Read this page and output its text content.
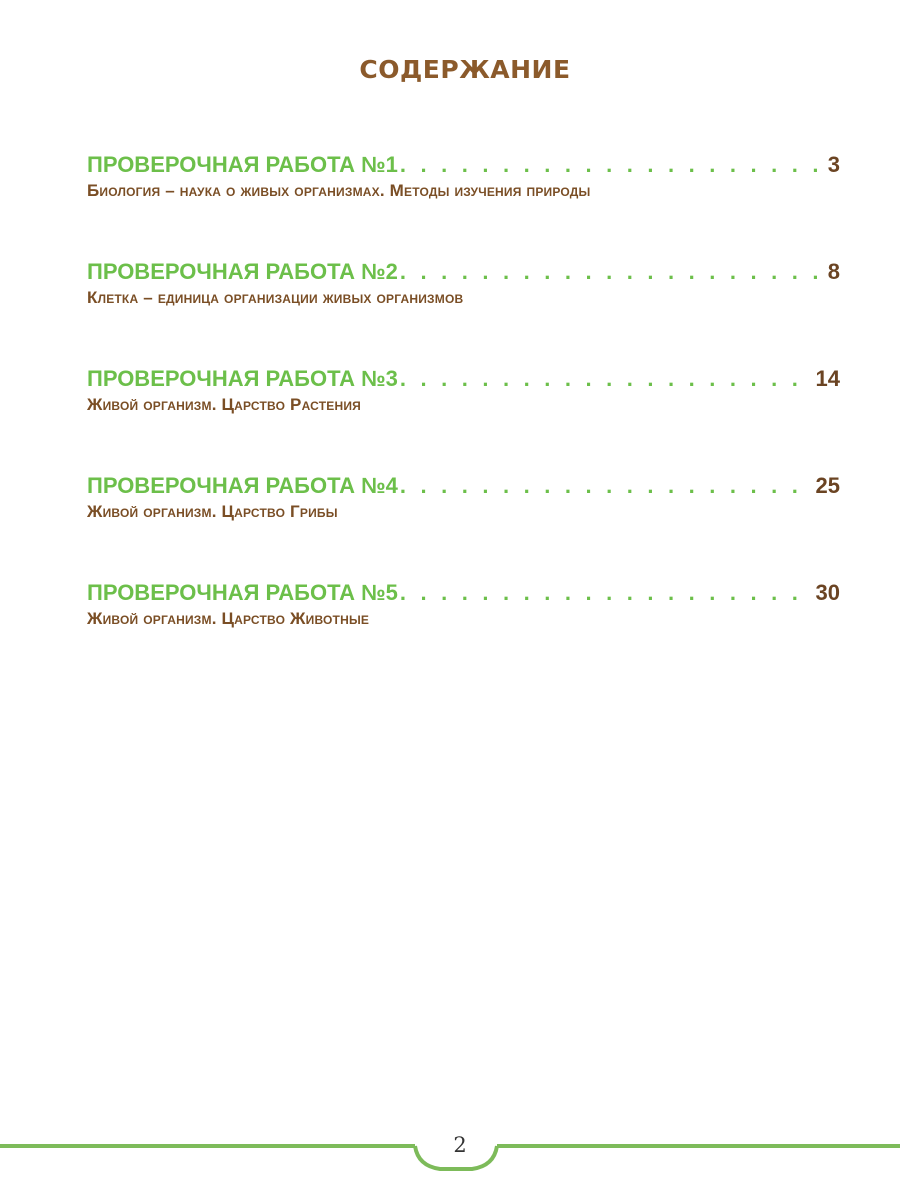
СОДЕРЖАНИЕ
ПРОВЕРОЧНАЯ РАБОТА №1 . . .	3
Биология – наука о живых организмах. Методы изучения природы
ПРОВЕРОЧНАЯ РАБОТА №2 . . .	8
Клетка – единица организации живых организмов
ПРОВЕРОЧНАЯ РАБОТА №3 . . .	14
Живой организм. Царство Растения
ПРОВЕРОЧНАЯ РАБОТА №4 . . .	25
Живой организм. Царство Грибы
ПРОВЕРОЧНАЯ РАБОТА №5 . . .	30
Живой организм. Царство Животные
2
